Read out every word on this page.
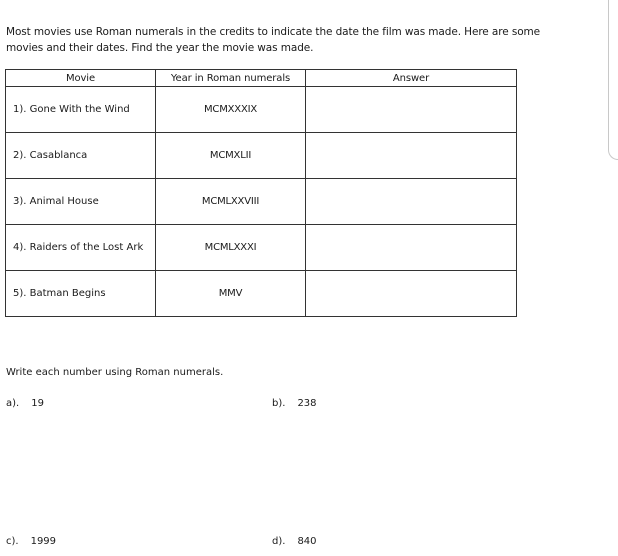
Most movies use Roman numerals in the credits to indicate the date the film was made. Here are some
movies and their dates. Find the year the movie was made.
Movie	Year in Roman numerals	Answer
1). Gone With the Wind	MCMXXXIX	
2). Casablanca	MCMXLII	
3). Animal House	MCMLXXVIII	
4). Raiders of the Lost Ark	MCMLXXXI	
5). Batman Begins	MMV	
Write each number using Roman numerals.
a). 19	b). 238
c). 1999	d). 840
